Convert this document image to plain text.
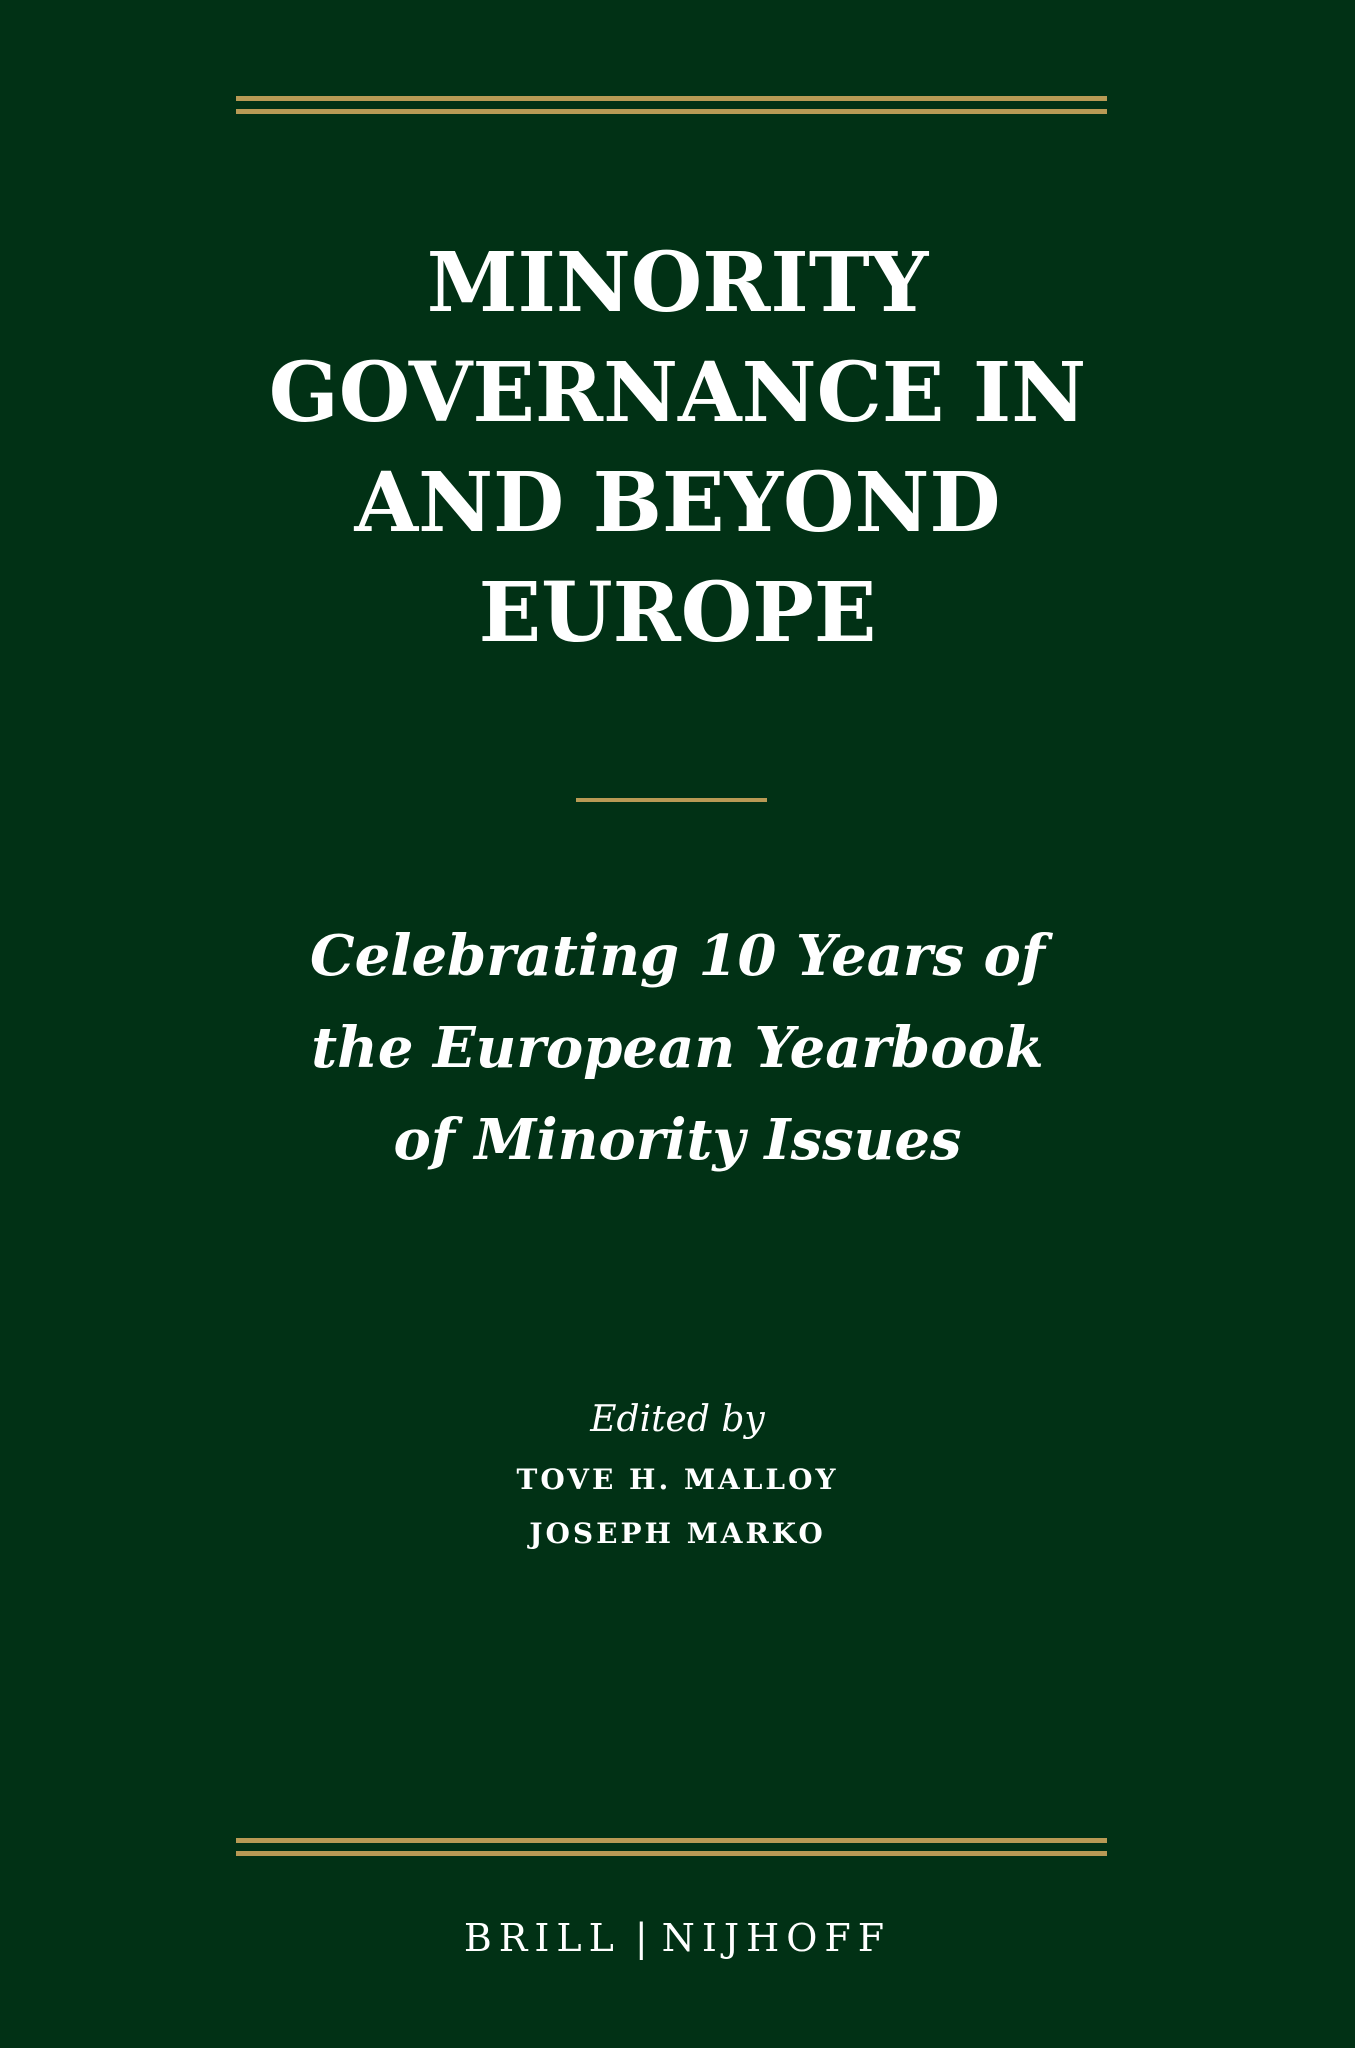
MINORITY
GOVERNANCE IN
AND BEYOND
EUROPE
Celebrating 10 Years of
the European Yearbook
of Minority Issues
Edited by
TOVE H. MALLOY
JOSEPH MARKO
BRILL | NIJHOFF
